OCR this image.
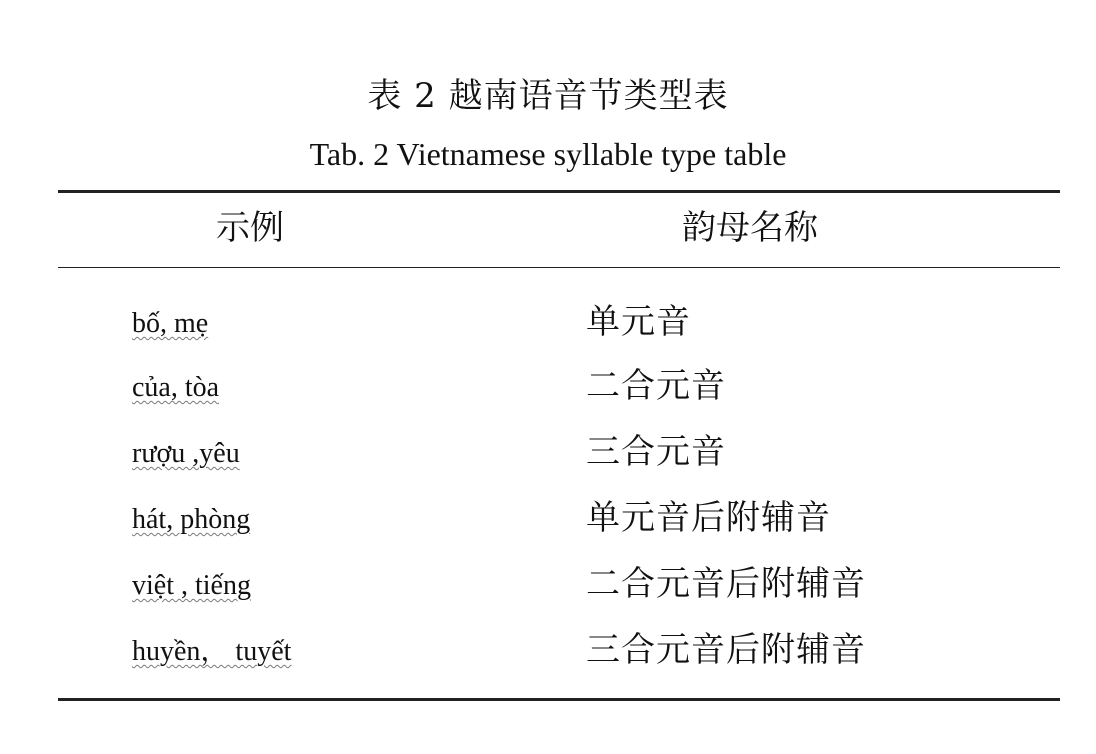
表 2 越南语音节类型表
Tab. 2 Vietnamese syllable type table
示例	韵母名称
bố, mẹ	单元音
của, tòa	二合元音
rượu ,yêu	三合元音
hát, phòng	单元音后附辅音
việt , tiếng	二合元音后附辅音
huyền， tuyết	三合元音后附辅音
